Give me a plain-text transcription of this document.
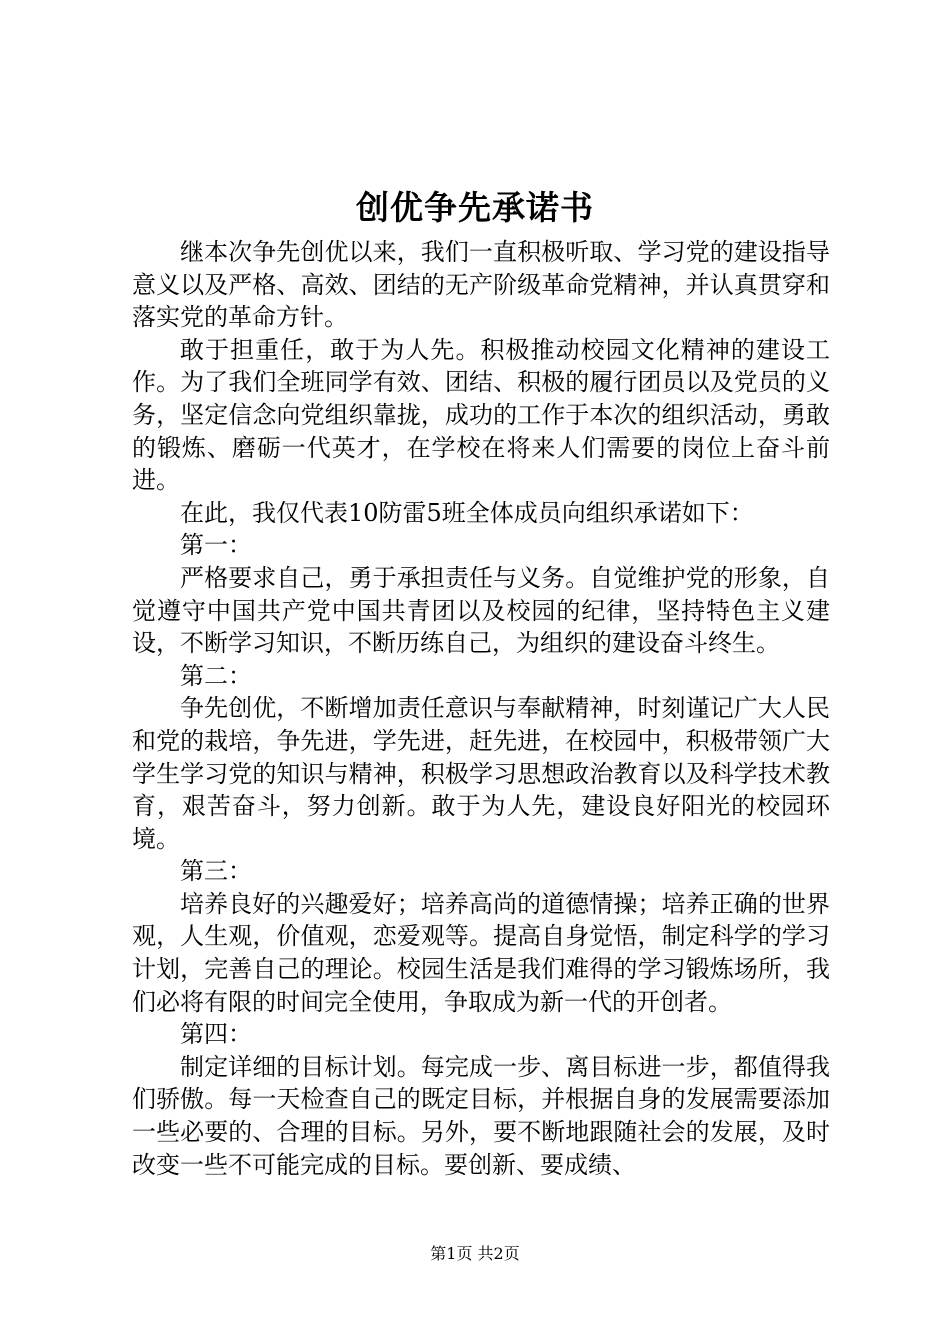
创优争先承诺书

继本次争先创优以来，我们一直积极听取、学习党的建设指导意义以及严格、高效、团结的无产阶级革命党精神，并认真贯穿和落实党的革命方针。

敢于担重任，敢于为人先。积极推动校园文化精神的建设工作。为了我们全班同学有效、团结、积极的履行团员以及党员的义务，坚定信念向党组织靠拢，成功的工作于本次的组织活动，勇敢的锻炼、磨砺一代英才，在学校在将来人们需要的岗位上奋斗前进。

在此，我仅代表10防雷5班全体成员向组织承诺如下：

第一：

严格要求自己，勇于承担责任与义务。自觉维护党的形象，自觉遵守中国共产党中国共青团以及校园的纪律，坚持特色主义建设，不断学习知识，不断历练自己，为组织的建设奋斗终生。

第二：

争先创优，不断增加责任意识与奉献精神，时刻谨记广大人民和党的栽培，争先进，学先进，赶先进，在校园中，积极带领广大学生学习党的知识与精神，积极学习思想政治教育以及科学技术教育，艰苦奋斗，努力创新。敢于为人先，建设良好阳光的校园环境。

第三：

培养良好的兴趣爱好；培养高尚的道德情操；培养正确的世界观，人生观，价值观，恋爱观等。提高自身觉悟，制定科学的学习计划，完善自己的理论。校园生活是我们难得的学习锻炼场所，我们必将有限的时间完全使用，争取成为新一代的开创者。

第四：

制定详细的目标计划。每完成一步、离目标进一步，都值得我们骄傲。每一天检查自己的既定目标，并根据自身的发展需要添加一些必要的、合理的目标。另外，要不断地跟随社会的发展，及时改变一些不可能完成的目标。要创新、要成绩、

第1页 共2页
